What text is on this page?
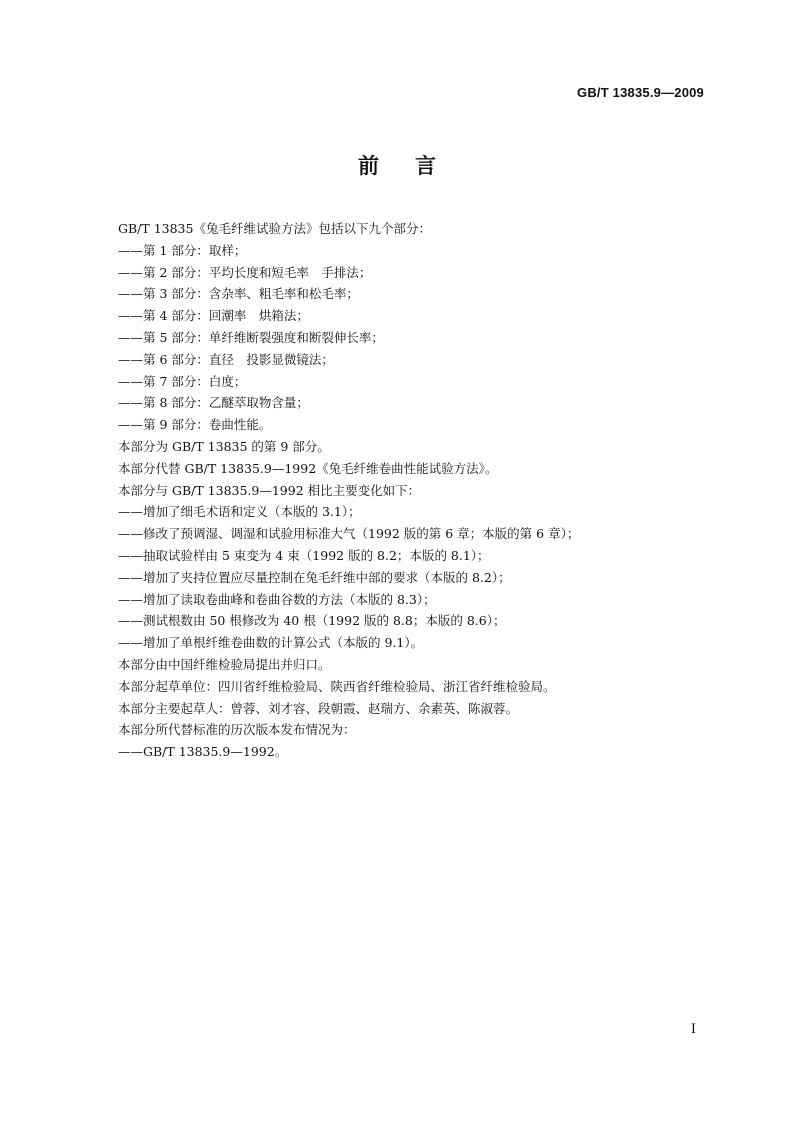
GB/T 13835.9—2009
前言
GB/T 13835《兔毛纤维试验方法》包括以下九个部分：
——第 1 部分：取样；
——第 2 部分：平均长度和短毛率　手排法；
——第 3 部分：含杂率、粗毛率和松毛率；
——第 4 部分：回潮率　烘箱法；
——第 5 部分：单纤维断裂强度和断裂伸长率；
——第 6 部分：直径　投影显微镜法；
——第 7 部分：白度；
——第 8 部分：乙醚萃取物含量；
——第 9 部分：卷曲性能。
本部分为 GB/T 13835 的第 9 部分。
本部分代替 GB/T 13835.9—1992《兔毛纤维卷曲性能试验方法》。
本部分与 GB/T 13835.9—1992 相比主要变化如下：
——增加了细毛术语和定义（本版的 3.1）；
——修改了预调湿、调湿和试验用标准大气（1992 版的第 6 章；本版的第 6 章）；
——抽取试验样由 5 束变为 4 束（1992 版的 8.2；本版的 8.1）；
——增加了夹持位置应尽量控制在兔毛纤维中部的要求（本版的 8.2）；
——增加了读取卷曲峰和卷曲谷数的方法（本版的 8.3）；
——测试根数由 50 根修改为 40 根（1992 版的 8.8；本版的 8.6）；
——增加了单根纤维卷曲数的计算公式（本版的 9.1）。
本部分由中国纤维检验局提出并归口。
本部分起草单位：四川省纤维检验局、陕西省纤维检验局、浙江省纤维检验局。
本部分主要起草人：曾蓉、刘才容、段朝霞、赵瑞方、余素英、陈淑蓉。
本部分所代替标准的历次版本发布情况为：
——GB/T 13835.9—1992。
I
